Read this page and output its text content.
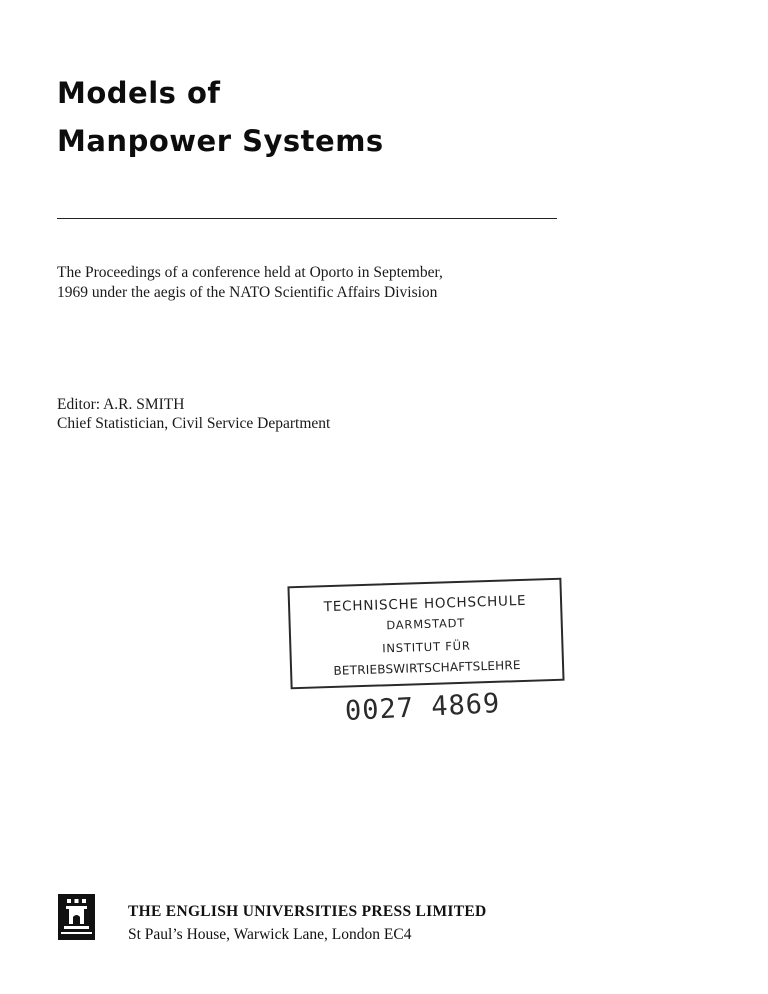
Models of
Manpower Systems

The Proceedings of a conference held at Oporto in September,

1969 under the aegis of the NATO Scientific Affairs Division

Editor: A.R. SMITH

Chief Statistician, Civil Service Department

TECHNISCHE HOCHSCHULE
DARMSTADT
INSTITUT FÜR
BETRIEBSWIRTSCHAFTSLEHRE
0027 4869

THE ENGLISH UNIVERSITIES PRESS LIMITED

St Paul’s House, Warwick Lane, London EC4
